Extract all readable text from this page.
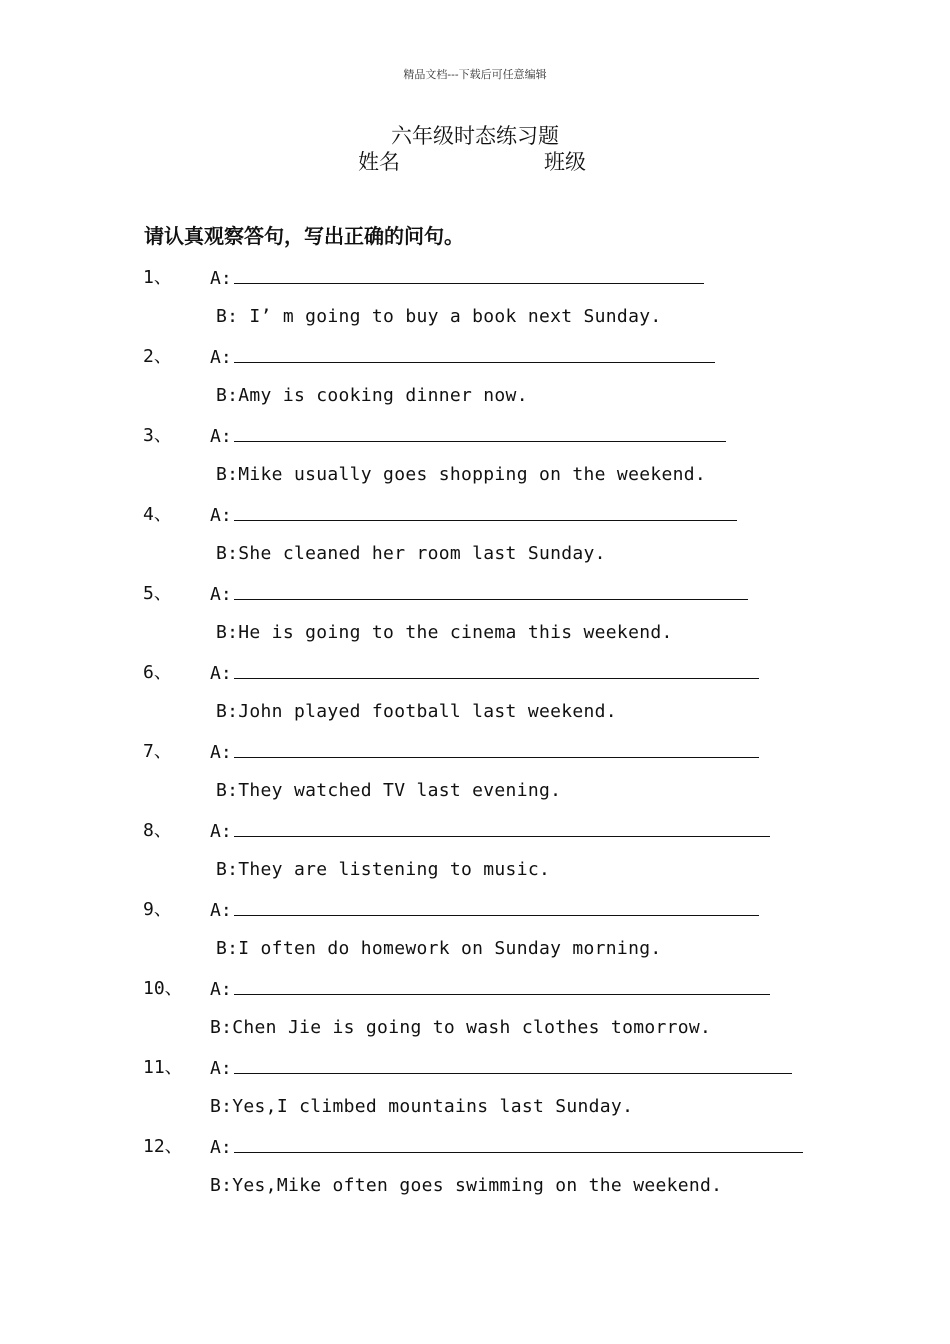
精品文档---下载后可任意编辑
六年级时态练习题
姓名	班级
请认真观察答句，写出正确的问句。
1、 A:
B: I’ m going to buy a book next Sunday.
2、 A:
B:Amy is cooking dinner now.
3、 A:
B:Mike usually goes shopping on the weekend.
4、 A:
B:She cleaned her room last Sunday.
5、 A:
B:He is going to the cinema this weekend.
6、 A:
B:John played football last weekend.
7、 A:
B:They watched TV last evening.
8、 A:
B:They are listening to music.
9、 A:
B:I often do homework on Sunday morning.
10、 A:
B:Chen Jie is going to wash clothes tomorrow.
11、 A:
B:Yes,I climbed mountains last Sunday.
12、 A:
B:Yes,Mike often goes swimming on the weekend.
